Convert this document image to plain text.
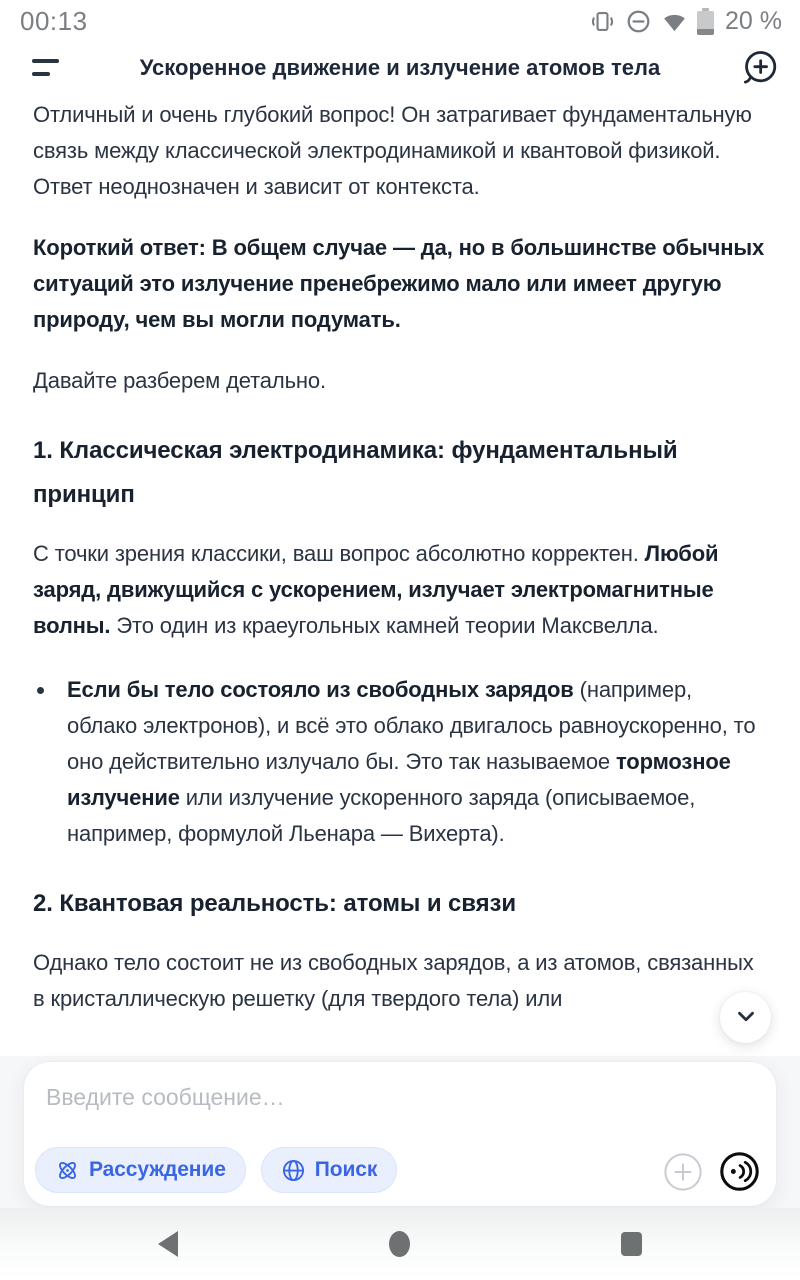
00:13	20 %
Ускоренное движение и излучение атомов тела

Отличный и очень глубокий вопрос! Он затрагивает фундаментальную связь между классической электродинамикой и квантовой физикой. Ответ неоднозначен и зависит от контекста.

Короткий ответ: В общем случае — да, но в большинстве обычных ситуаций это излучение пренебрежимо мало или имеет другую природу, чем вы могли подумать.

Давайте разберем детально.

1. Классическая электродинамика: фундаментальный принцип

С точки зрения классики, ваш вопрос абсолютно корректен. Любой заряд, движущийся с ускорением, излучает электромагнитные волны. Это один из краеугольных камней теории Максвелла.

Если бы тело состояло из свободных зарядов (например, облако электронов), и всё это облако двигалось равноускоренно, то оно действительно излучало бы. Это так называемое тормозное излучение или излучение ускоренного заряда (описываемое, например, формулой Льенара — Вихерта).
2. Квантовая реальность: атомы и связи

Однако тело состоит не из свободных зарядов, а из атомов, связанных в кристаллическую решетку (для твердого тела) или

Введите сообщение…
Рассуждение	Поиск
